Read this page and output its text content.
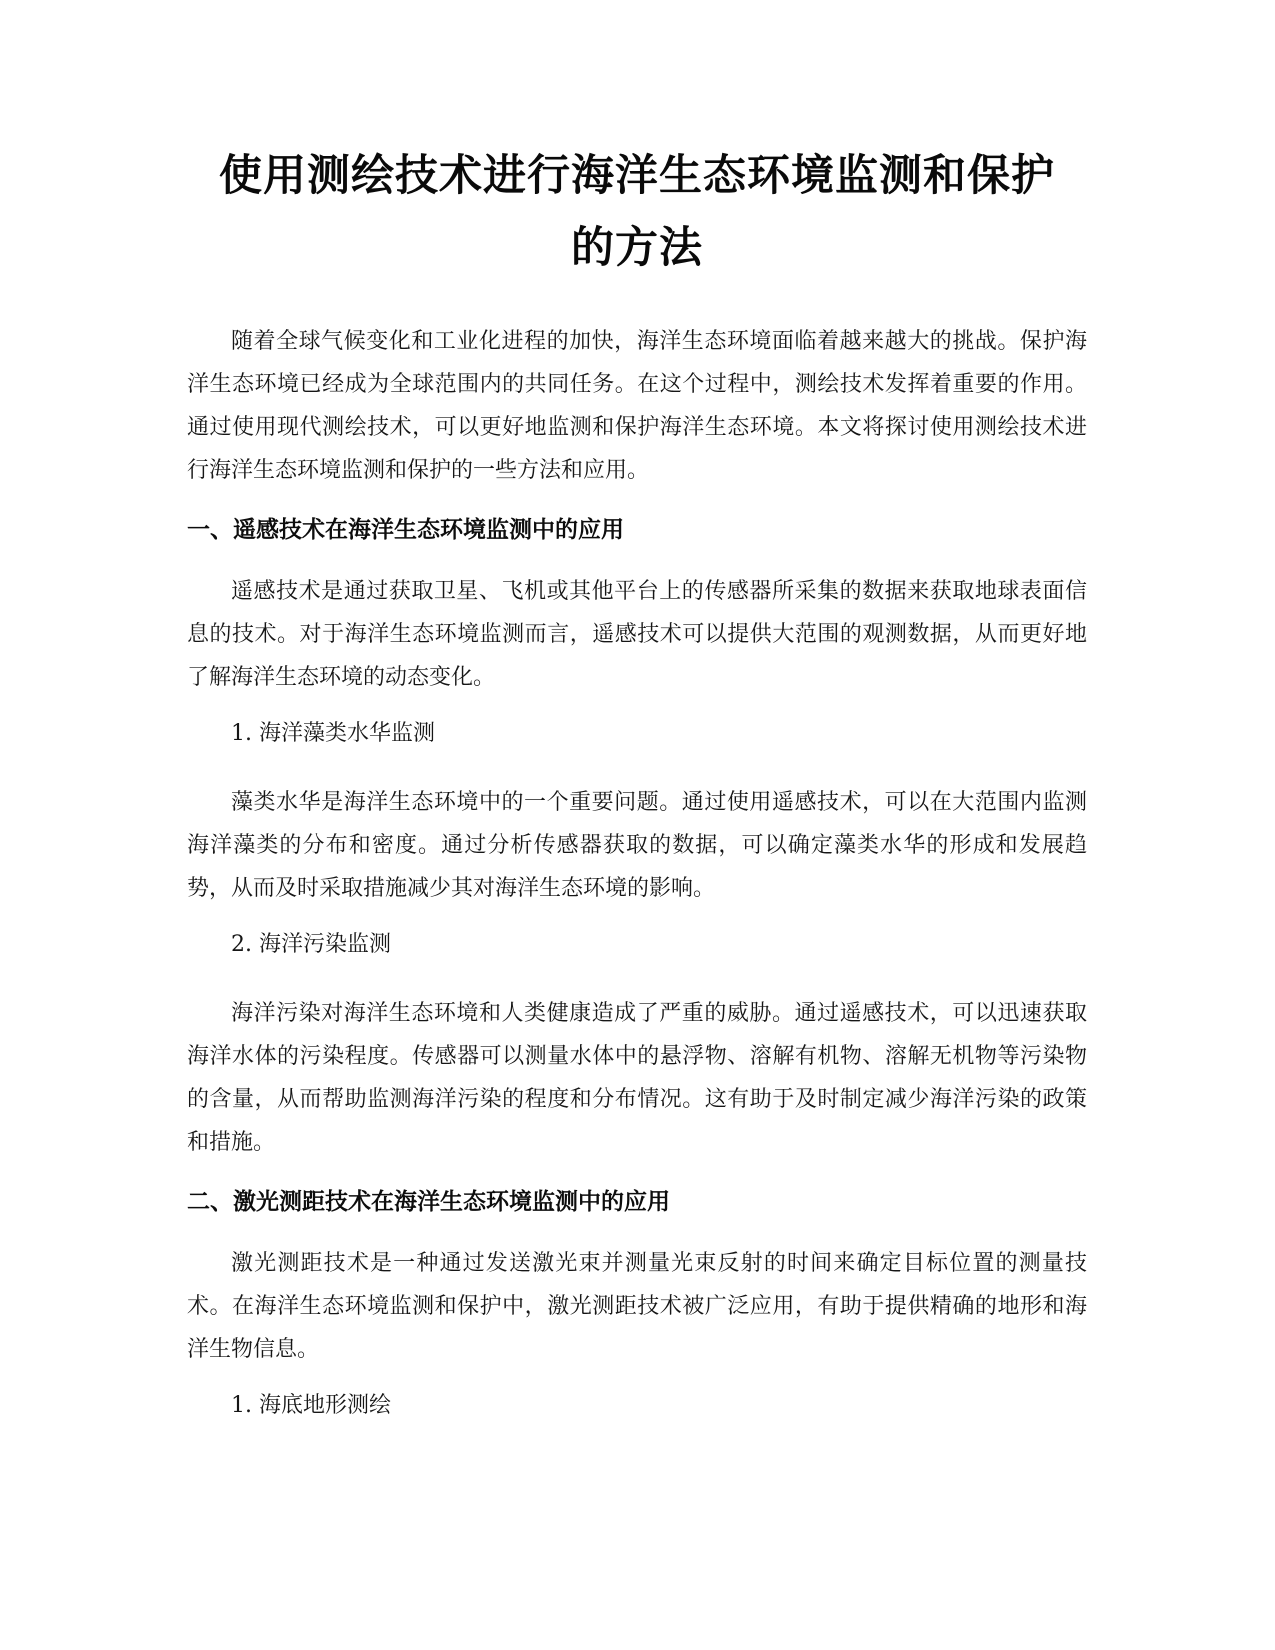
使用测绘技术进行海洋生态环境监测和保护
的方法

随着全球气候变化和工业化进程的加快，海洋生态环境面临着越来越大的挑战。保护海洋生态环境已经成为全球范围内的共同任务。在这个过程中，测绘技术发挥着重要的作用。通过使用现代测绘技术，可以更好地监测和保护海洋生态环境。本文将探讨使用测绘技术进行海洋生态环境监测和保护的一些方法和应用。

一、遥感技术在海洋生态环境监测中的应用

遥感技术是通过获取卫星、飞机或其他平台上的传感器所采集的数据来获取地球表面信息的技术。对于海洋生态环境监测而言，遥感技术可以提供大范围的观测数据，从而更好地了解海洋生态环境的动态变化。

1. 海洋藻类水华监测

藻类水华是海洋生态环境中的一个重要问题。通过使用遥感技术，可以在大范围内监测海洋藻类的分布和密度。通过分析传感器获取的数据，可以确定藻类水华的形成和发展趋势，从而及时采取措施减少其对海洋生态环境的影响。

2. 海洋污染监测

海洋污染对海洋生态环境和人类健康造成了严重的威胁。通过遥感技术，可以迅速获取海洋水体的污染程度。传感器可以测量水体中的悬浮物、溶解有机物、溶解无机物等污染物的含量，从而帮助监测海洋污染的程度和分布情况。这有助于及时制定减少海洋污染的政策和措施。

二、激光测距技术在海洋生态环境监测中的应用

激光测距技术是一种通过发送激光束并测量光束反射的时间来确定目标位置的测量技术。在海洋生态环境监测和保护中，激光测距技术被广泛应用，有助于提供精确的地形和海洋生物信息。

1. 海底地形测绘
